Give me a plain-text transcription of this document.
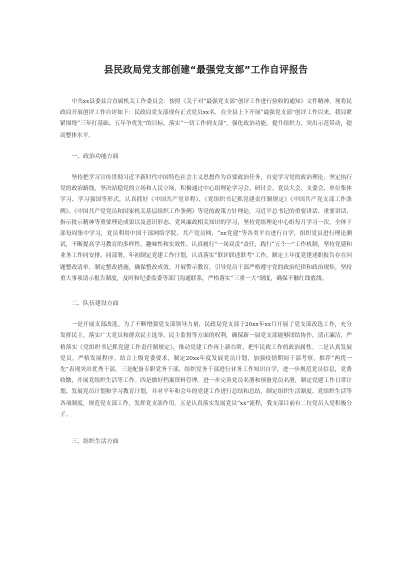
县民政局党支部创建“最强党支部”工作自评报告

中共xx县委县合直属机关工作委员会：按照《关于对“最强党支部”创评工作进行验收的通知》文件精神，现将民政局开展创评工作自评如下：民政局党支部现有正式党员xx名，在全县上下开展“最强党支部”创评工作以来，我局紧紧围绕“三年打基础、五年争优先”的目标，落实“一切工作到支部”，强化政治功能，提升组织力，突出示范带动，提高整体水平。

一、政治功能方面

坚持把学习宣传贯彻习近平新时代中国特色社会主义思想作为首要政治任务，自觉学习党的政治理论，坚定执行党的政治路线，坚决站稳党的立场和人民立场，积极通过中心组理论学习会、研讨会、党员大会、支委会、单位集体学习、学习强国等形式，认真抓好《中国共产党章程》、《党组织书记抓党建责任制规定》《中国共产党支部工作条例》、《中国共产党党员和国家机关基层组织工作条例》等党的政策方针理论，习近平总书记的重要讲话、重要讲话、指示批示精神等重要理论成果以及意识形态、党风廉政相关知识的学习，坚持党组理论中心组每月学习一次，全体干部每周集中学习，党员利用中国干部网络学院、共产党员网、“xx党建”等各类平台进行自学，组织党员进行理论测试，不断提高学习教育的多样性、趣味性和实效性。认真履行“一岗双责”责任，践行“五个一”工作机制，坚持党建和业务工作同安排、同部署，年初制定党建工作计划，认真落实“联评联述联考”工作，制定上年度党建述职报告存在问题整改清单，制定整改措施，确保整改成效。开展警示教育，引导党员干部严格遵守党的政治纪律和政治规矩，坚持重大事项请示报告制度，及时和纪委监委等部门沟通联系，严格落实“三重一大”制度，确保不触红线底线。

二、队伍建设方面

一是开展支部改选。为了不断增强党支部领导力量，民政局党支部于20xx年xx月开展了党支部改选工作，充分发挥民主，落实广大党员和群众民主选举、民主监督等方面的权利，确保新一届党支部能够团结协作，清正廉洁，严格落实《党组织书记抓党建工作责任制规定》，推动党建工作再上新台阶，把牢民政工作的政治属性。二是认真发展党员，严格发展程序。结合上级党委要求，制定20xx年度发展党员计划，加强疫情期间干部考察，推荐“两优一先”表现突出优秀干部，三是配备专职党务干部，组织党务干部进行业务工作知识自学，进一步规范党员信息，党费收缴，开展党组织生活等工作。四是做好档案资料管理。进一步完善党员名册和预备党员名册，制定党建工作日常计划、发展党员计划和学习教育计划，并对平年和会年的党建工作进行总结和总结，制定组织生活制度、党组织生活等各项制度，规范党支部工作，发挥党支部作用。五是认真落实发展党员“xx”流程，我支部目前有二位党员入党积极分子。

三、组织生活方面
